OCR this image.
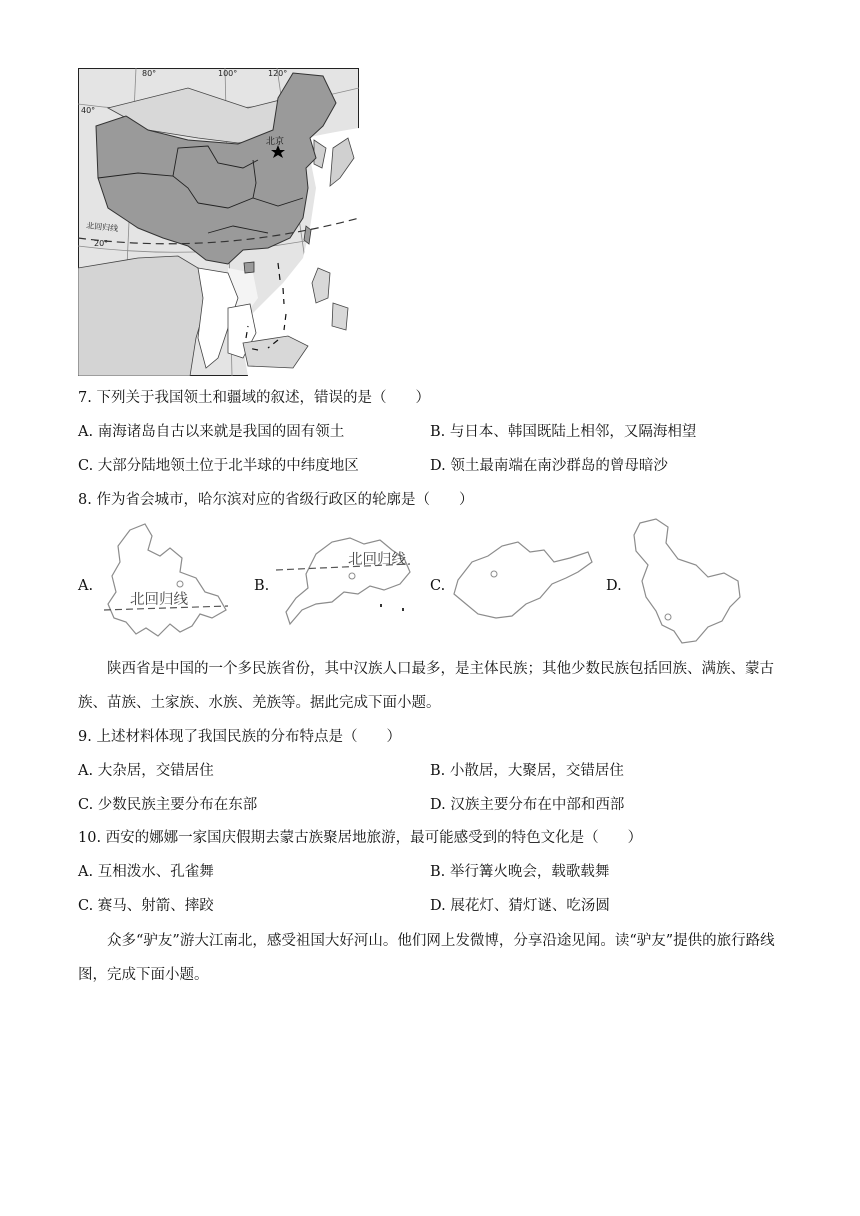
80°	100°	120°
40°
20°
北回归线
北京
7. 下列关于我国领土和疆域的叙述，错误的是（　　）
A. 南海诸岛自古以来就是我国的固有领土	B. 与日本、韩国既陆上相邻，又隔海相望
C. 大部分陆地领土位于北半球的中纬度地区	D. 领土最南端在南沙群岛的曾母暗沙
8. 作为省会城市，哈尔滨对应的省级行政区的轮廓是（　　）
A.
北回归线
B.
北回归线
C.	D.
陕西省是中国的一个多民族省份，其中汉族人口最多，是主体民族；其他少数民族包括回族、满族、蒙古族、苗族、土家族、水族、羌族等。据此完成下面小题。
9. 上述材料体现了我国民族的分布特点是（　　）
A. 大杂居，交错居住	B. 小散居，大聚居，交错居住
C. 少数民族主要分布在东部	D. 汉族主要分布在中部和西部
10. 西安的娜娜一家国庆假期去蒙古族聚居地旅游，最可能感受到的特色文化是（　　）
A. 互相泼水、孔雀舞	B. 举行篝火晚会，载歌载舞
C. 赛马、射箭、摔跤	D. 展花灯、猜灯谜、吃汤圆
众多“驴友”游大江南北，感受祖国大好河山。他们网上发微博，分享沿途见闻。读“驴友”提供的旅行路线图，完成下面小题。
